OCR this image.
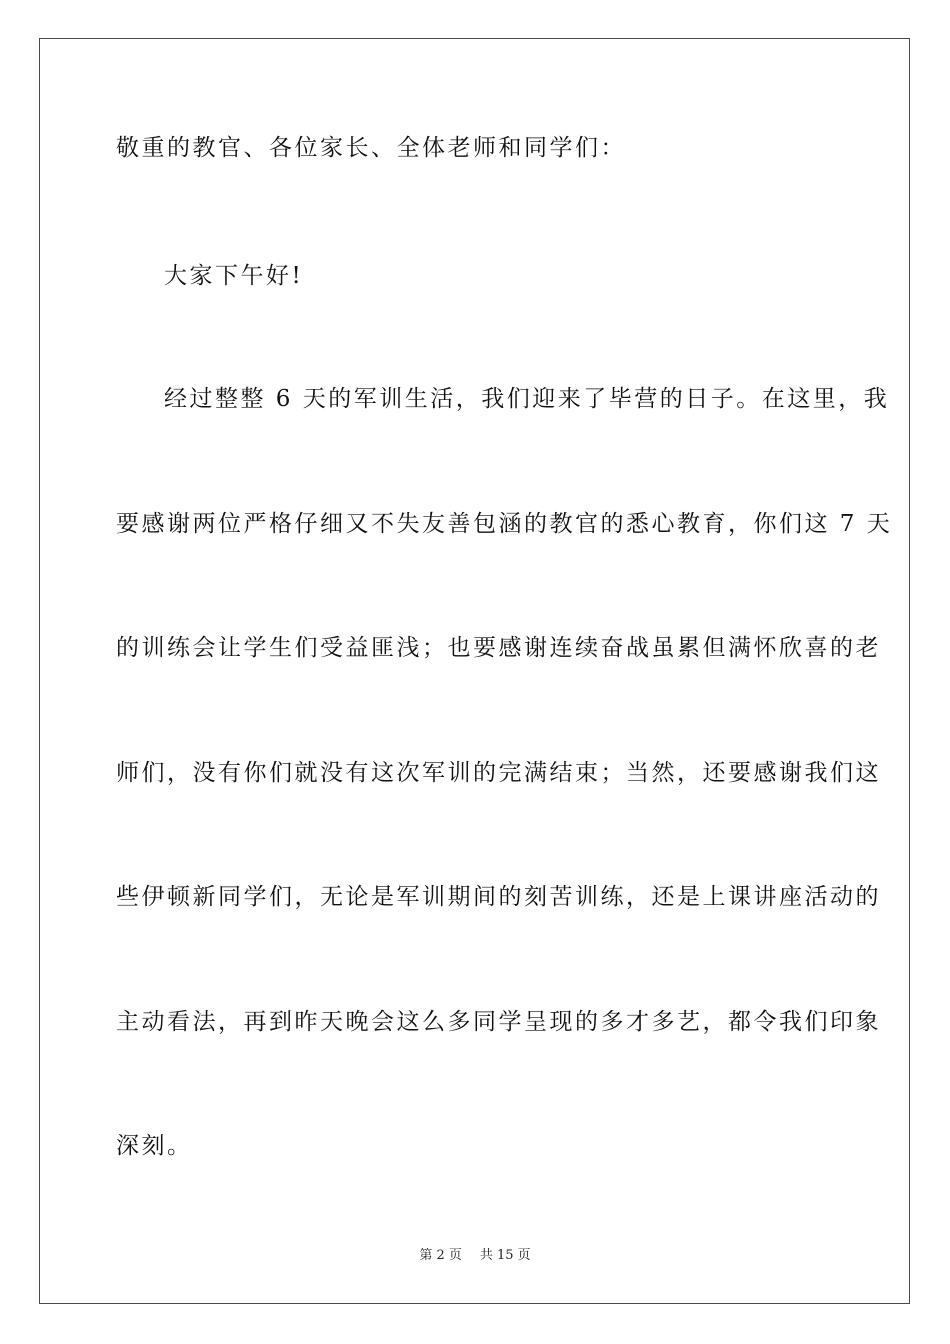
敬重的教官、各位家长、全体老师和同学们：
大家下午好!
经过整整 6 天的军训生活，我们迎来了毕营的日子。在这里，我
要感谢两位严格仔细又不失友善包涵的教官的悉心教育，你们这 7 天
的训练会让学生们受益匪浅；也要感谢连续奋战虽累但满怀欣喜的老
师们，没有你们就没有这次军训的完满结束；当然，还要感谢我们这
些伊顿新同学们，无论是军训期间的刻苦训练，还是上课讲座活动的
主动看法，再到昨天晚会这么多同学呈现的多才多艺，都令我们印象
深刻。
第 2 页 共 15 页
